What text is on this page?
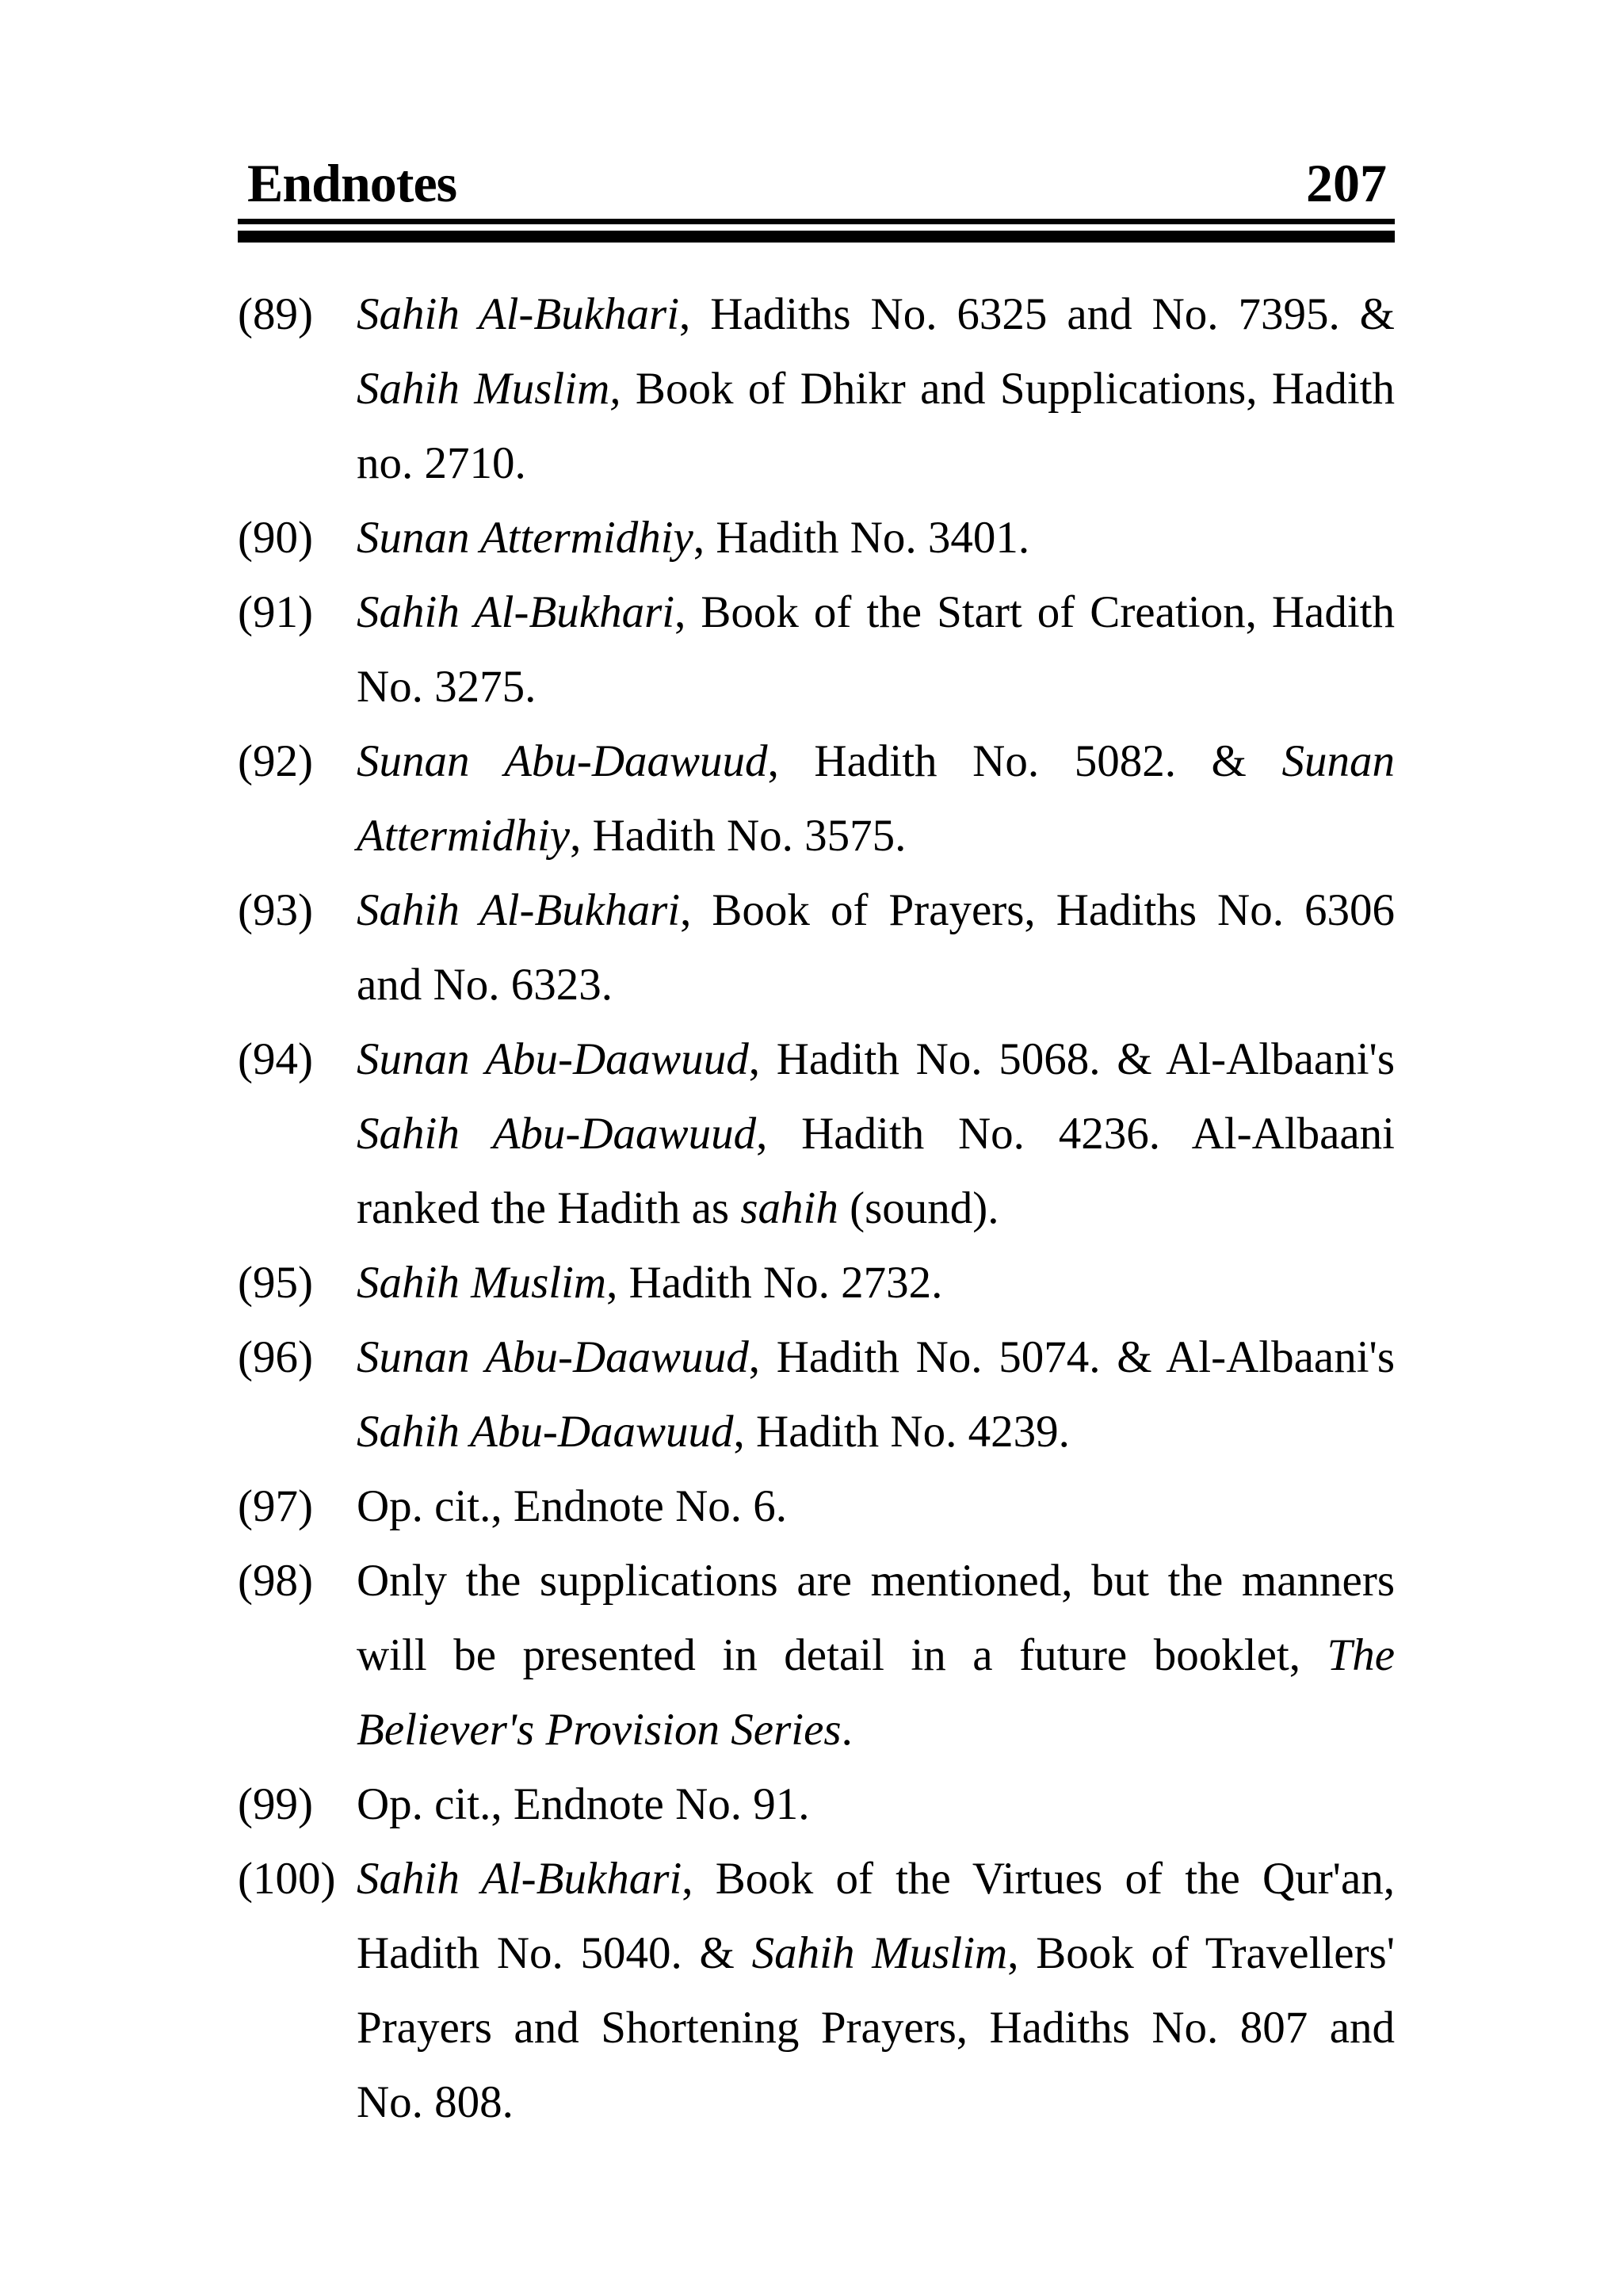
Endnotes	207
(89) Sahih Al-Bukhari, Hadiths No. 6325 and No. 7395. & Sahih Muslim, Book of Dhikr and Supplications, Hadith no. 2710.
(90) Sunan Attermidhiy, Hadith No. 3401.
(91) Sahih Al-Bukhari, Book of the Start of Creation, Hadith No. 3275.
(92) Sunan Abu-Daawuud, Hadith No. 5082. & Sunan Attermidhiy, Hadith No. 3575.
(93) Sahih Al-Bukhari, Book of Prayers, Hadiths No. 6306 and No. 6323.
(94) Sunan Abu-Daawuud, Hadith No. 5068. & Al-Albaani's Sahih Abu-Daawuud, Hadith No. 4236. Al-Albaani ranked the Hadith as sahih (sound).
(95) Sahih Muslim, Hadith No. 2732.
(96) Sunan Abu-Daawuud, Hadith No. 5074. & Al-Albaani's Sahih Abu-Daawuud, Hadith No. 4239.
(97) Op. cit., Endnote No. 6.
(98) Only the supplications are mentioned, but the manners will be presented in detail in a future booklet, The Believer's Provision Series.
(99) Op. cit., Endnote No. 91.
(100) Sahih Al-Bukhari, Book of the Virtues of the Qur'an, Hadith No. 5040. & Sahih Muslim, Book of Travellers' Prayers and Shortening Prayers, Hadiths No. 807 and No. 808.
